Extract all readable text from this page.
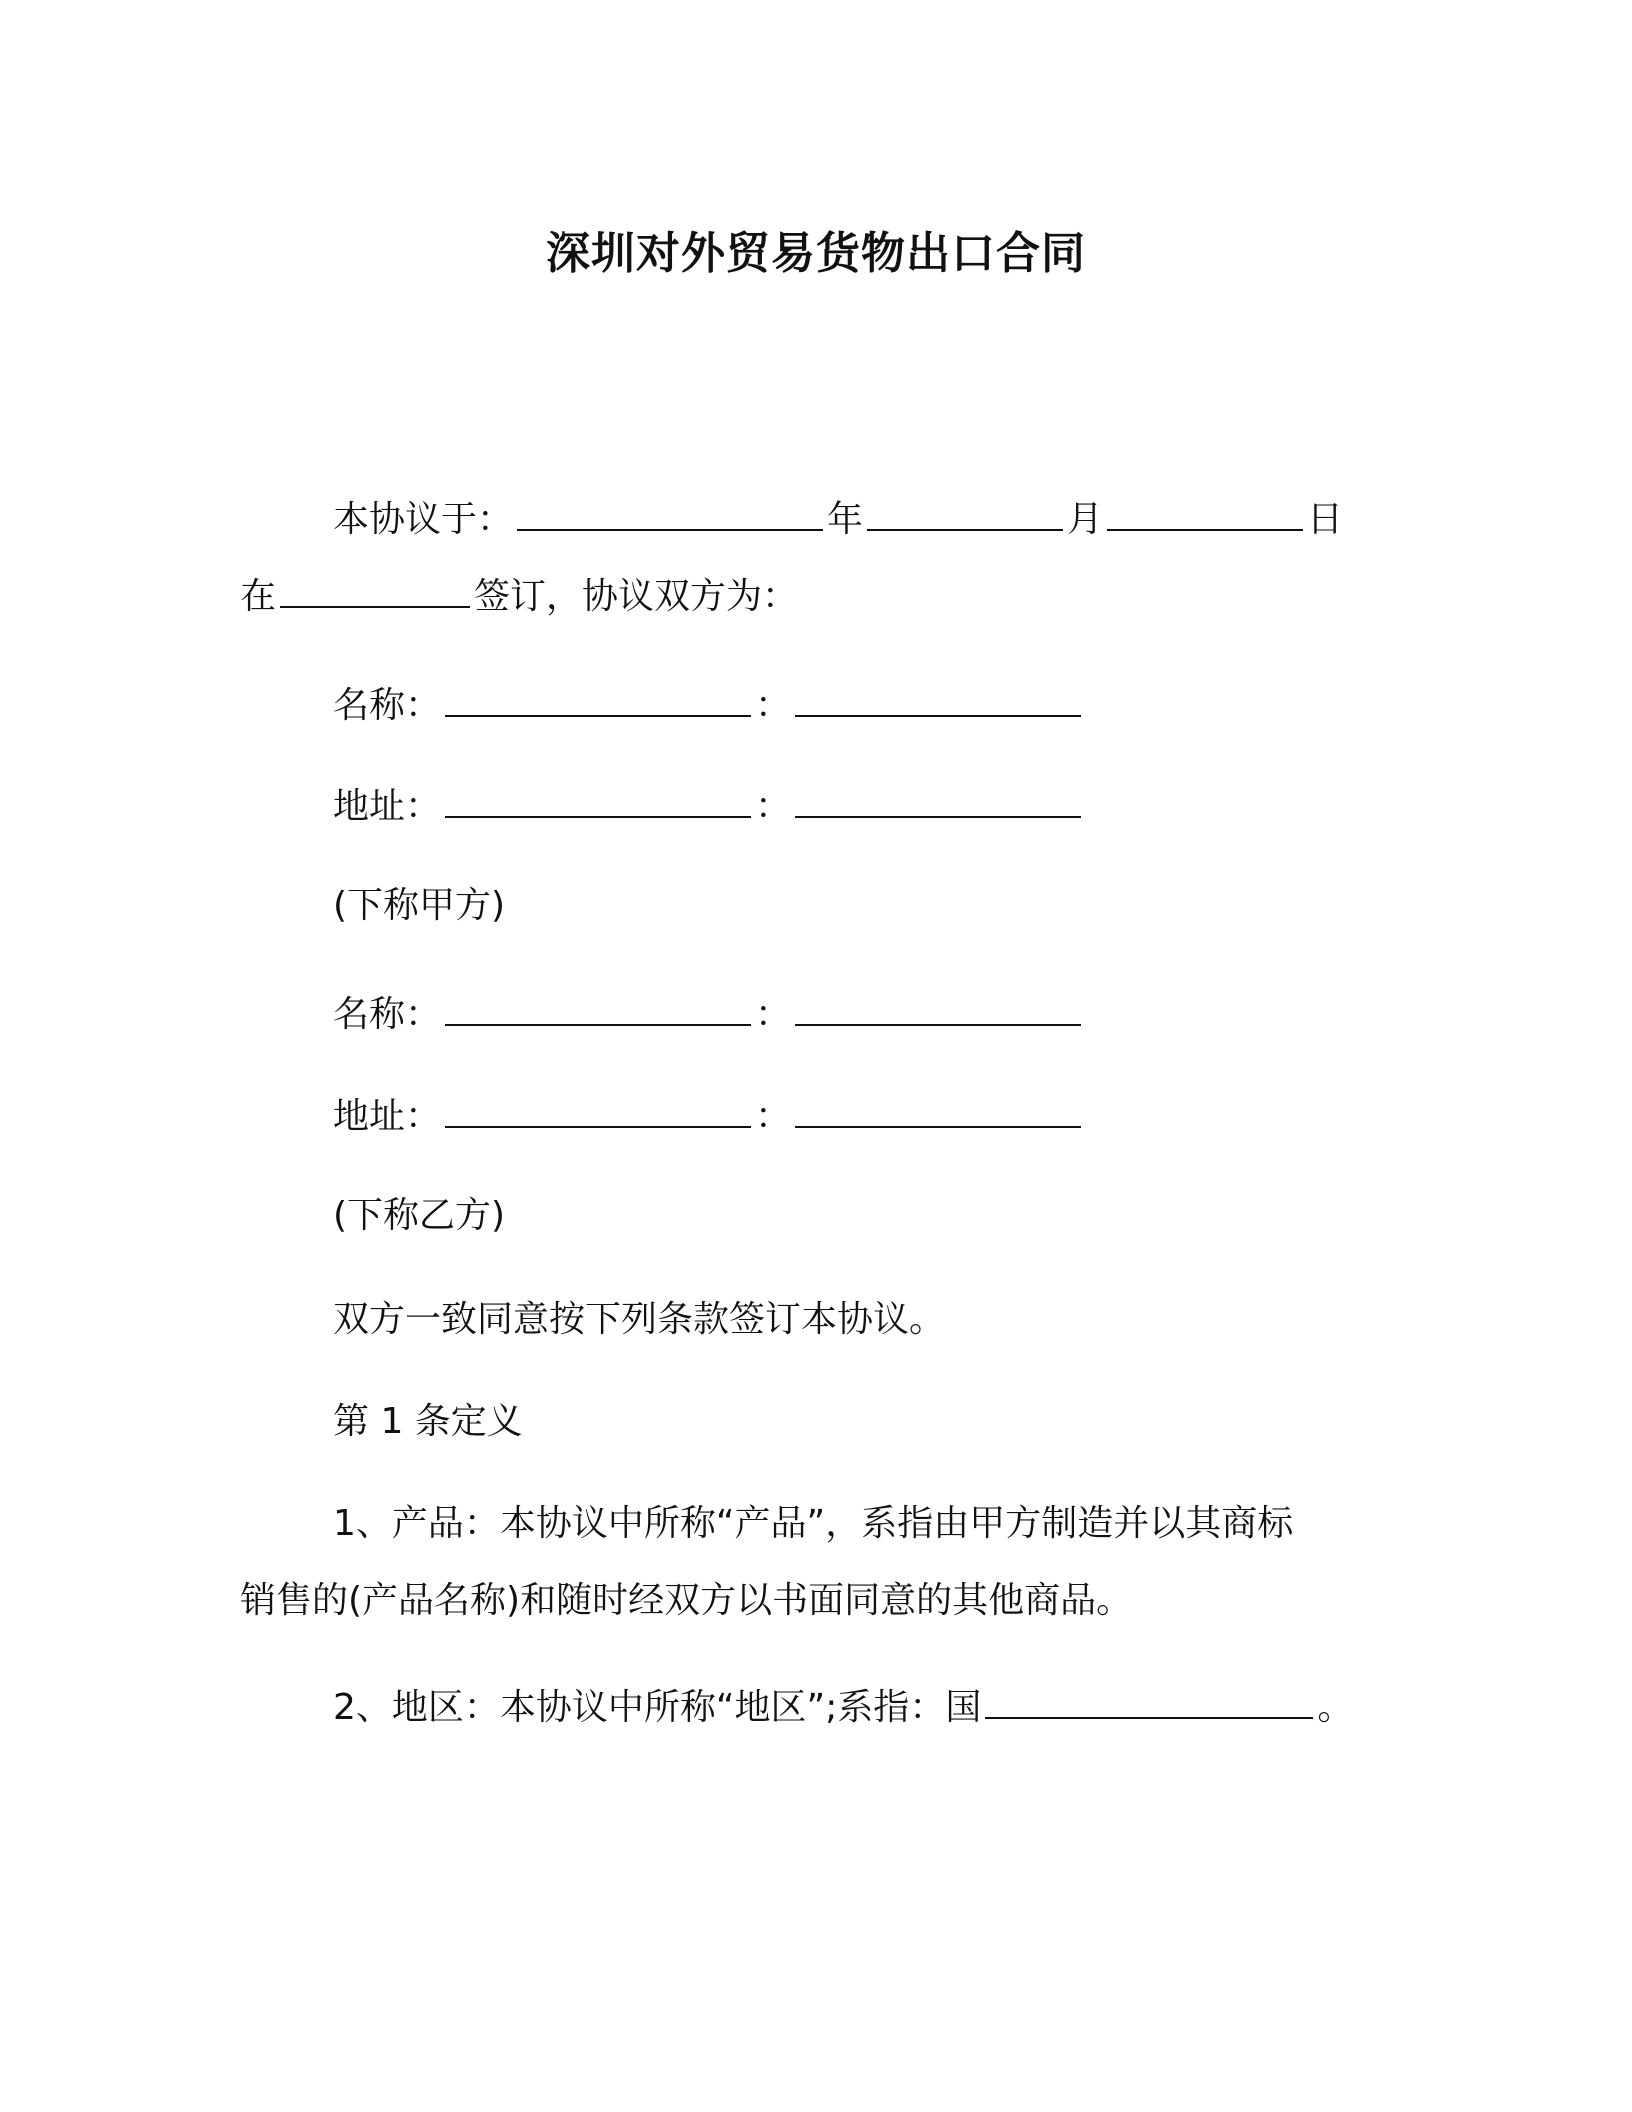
深圳对外贸易货物出口合同
本协议于：	年	月	日
在	签订，协议双方为：
名称：	：
地址：	：
(下称甲方)
名称：	：
地址：	：
(下称乙方)
双方一致同意按下列条款签订本协议。
第 1 条定义
1、产品：本协议中所称“产品”，系指由甲方制造并以其商标
销售的(产品名称)和随时经双方以书面同意的其他商品。
2、地区：本协议中所称“地区”;系指：国	。
